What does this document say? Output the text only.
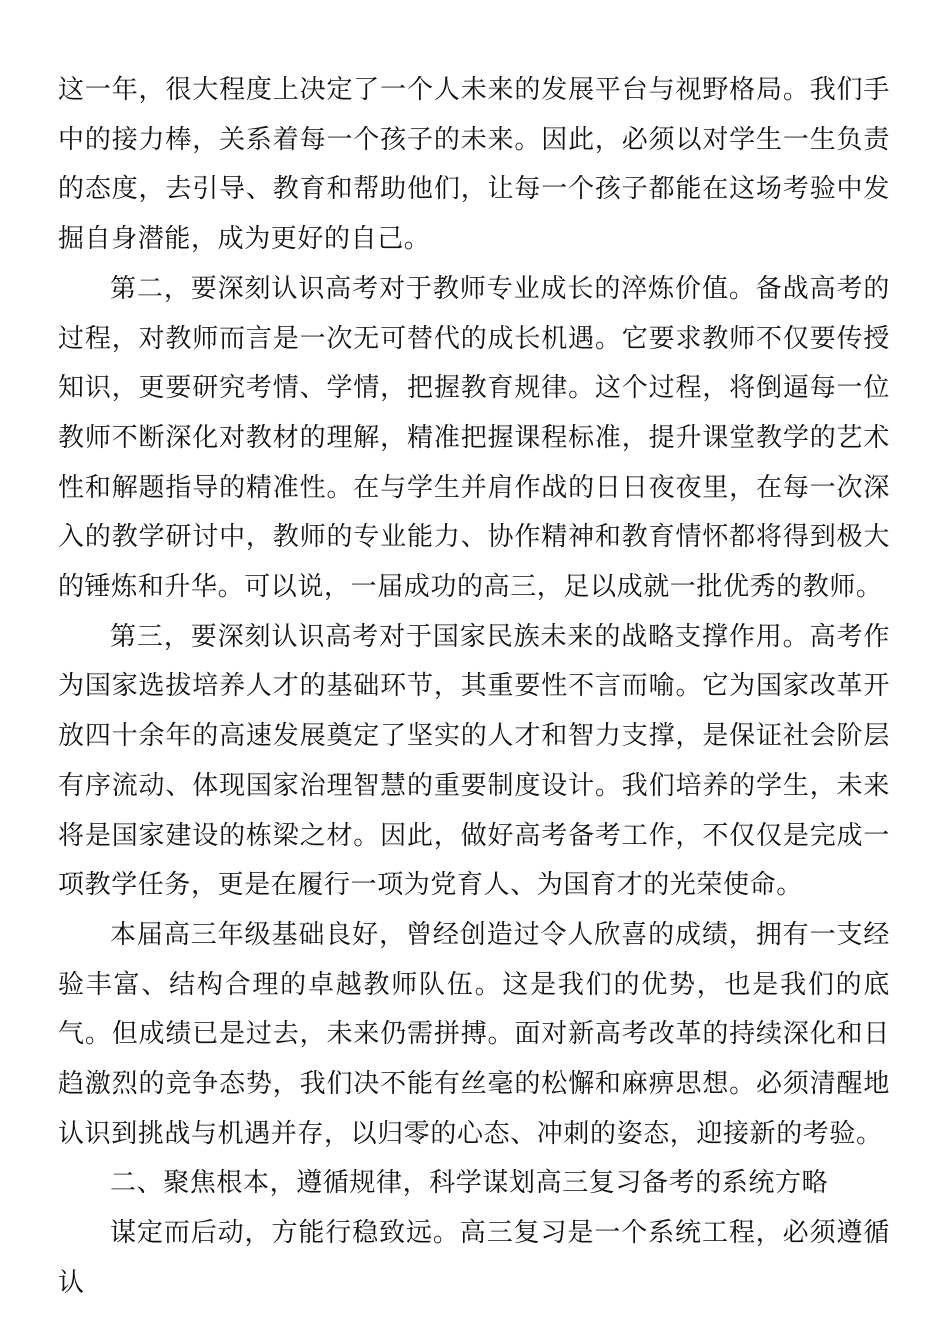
这一年，很大程度上决定了一个人未来的发展平台与视野格局。我们手中的接力棒，关系着每一个孩子的未来。因此，必须以对学生一生负责的态度，去引导、教育和帮助他们，让每一个孩子都能在这场考验中发掘自身潜能，成为更好的自己。

第二，要深刻认识高考对于教师专业成长的淬炼价值。备战高考的过程，对教师而言是一次无可替代的成长机遇。它要求教师不仅要传授知识，更要研究考情、学情，把握教育规律。这个过程，将倒逼每一位教师不断深化对教材的理解，精准把握课程标准，提升课堂教学的艺术性和解题指导的精准性。在与学生并肩作战的日日夜夜里，在每一次深入的教学研讨中，教师的专业能力、协作精神和教育情怀都将得到极大的锤炼和升华。可以说，一届成功的高三，足以成就一批优秀的教师。

第三，要深刻认识高考对于国家民族未来的战略支撑作用。高考作为国家选拔培养人才的基础环节，其重要性不言而喻。它为国家改革开放四十余年的高速发展奠定了坚实的人才和智力支撑，是保证社会阶层有序流动、体现国家治理智慧的重要制度设计。我们培养的学生，未来将是国家建设的栋梁之材。因此，做好高考备考工作，不仅仅是完成一项教学任务，更是在履行一项为党育人、为国育才的光荣使命。

本届高三年级基础良好，曾经创造过令人欣喜的成绩，拥有一支经验丰富、结构合理的卓越教师队伍。这是我们的优势，也是我们的底气。但成绩已是过去，未来仍需拼搏。面对新高考改革的持续深化和日趋激烈的竞争态势，我们决不能有丝毫的松懈和麻痹思想。必须清醒地认识到挑战与机遇并存，以归零的心态、冲刺的姿态，迎接新的考验。

二、聚焦根本，遵循规律，科学谋划高三复习备考的系统方略

谋定而后动，方能行稳致远。高三复习是一个系统工程，必须遵循认
